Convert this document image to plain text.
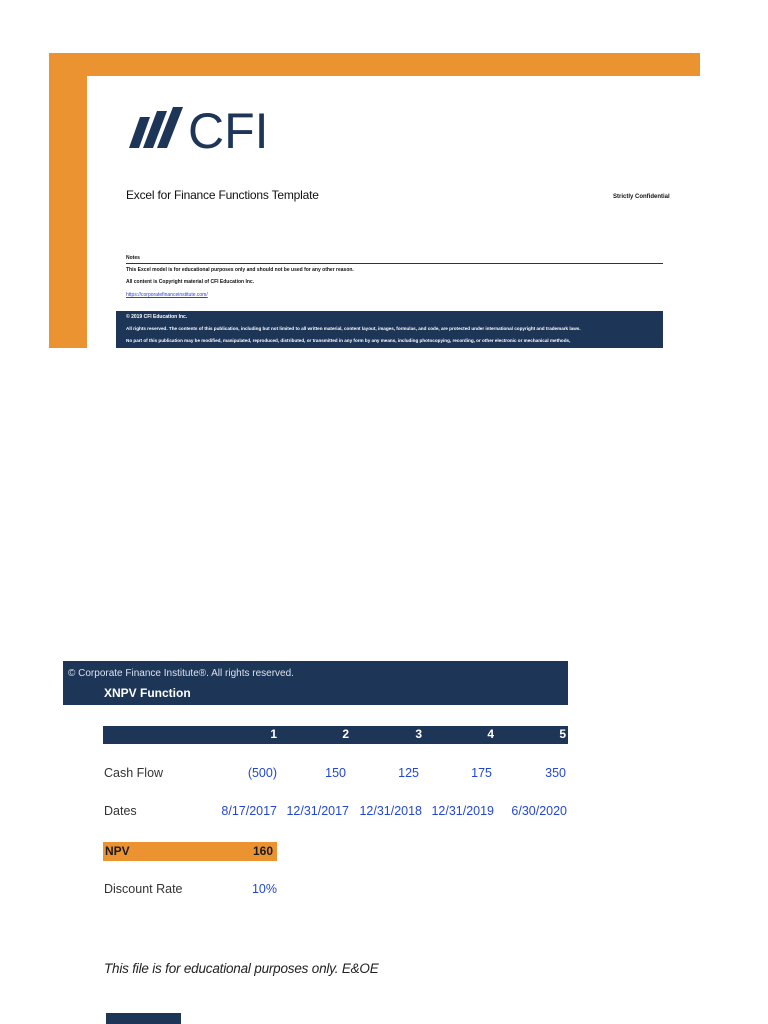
CFI
Excel for Finance Functions Template	Strictly Confidential
Notes
This Excel model is for educational purposes only and should not be used for any other reason.
All content is Copyright material of CFI Education Inc.
https://corporatefinanceinstitute.com/
© 2019 CFI Education Inc.
All rights reserved. The contents of this publication, including but not limited to all written material, content layout, images, formulas, and code, are protected under international copyright and trademark laws.
No part of this publication may be modified, manipulated, reproduced, distributed, or transmitted in any form by any means, including photocopying, recording, or other electronic or mechanical methods,
© Corporate Finance Institute®. All rights reserved.
XNPV Function
1	2	3	4	5
Cash Flow	(500)	150	125	175	350
Dates	8/17/2017 12/31/2017 12/31/2018 12/31/2019	6/30/2020
NPV	160
Discount Rate	10%
This file is for educational purposes only. E&OE
